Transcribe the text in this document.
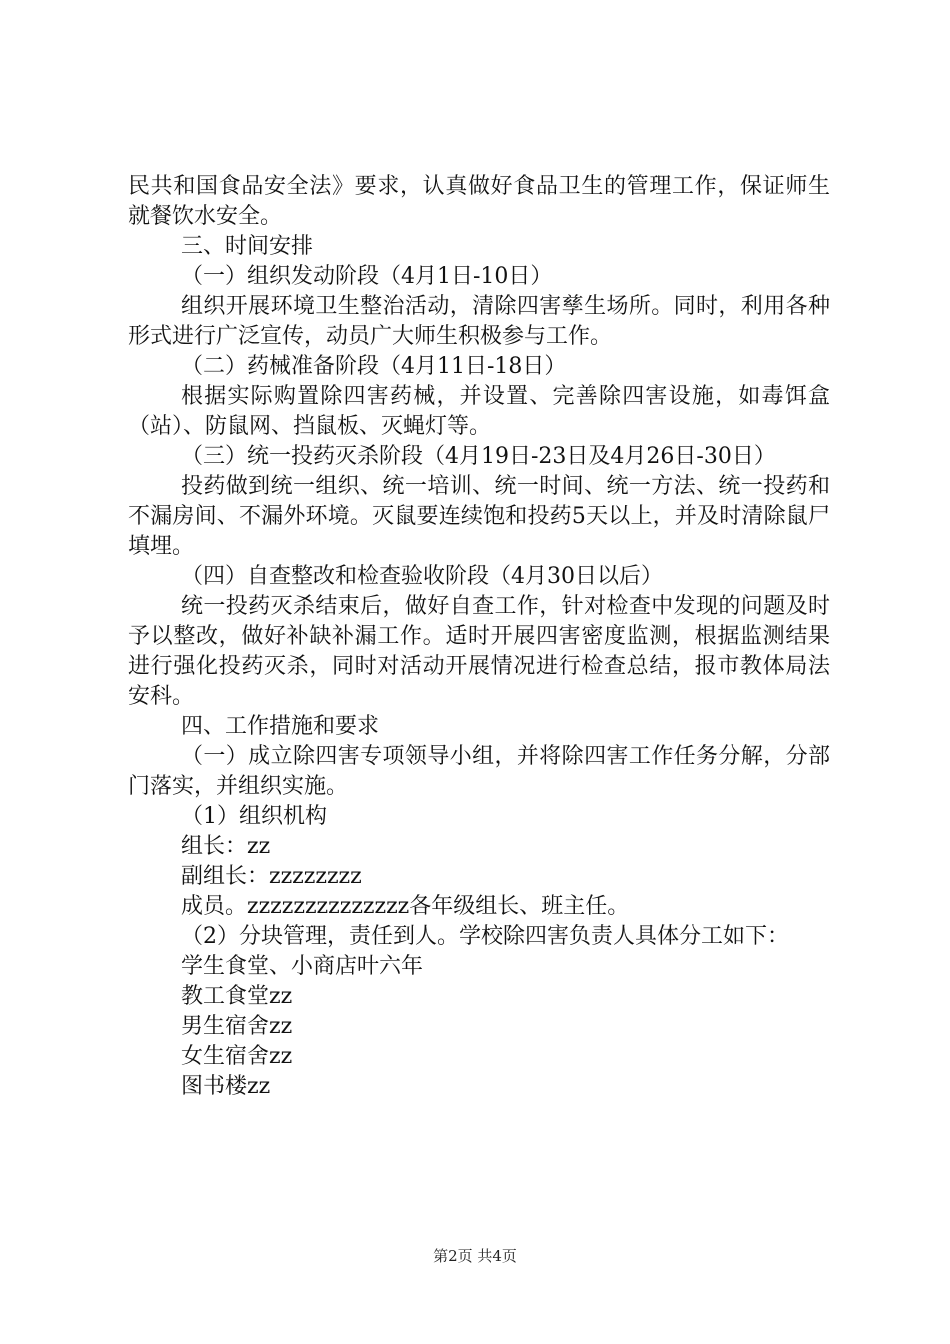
民共和国食品安全法》要求，认真做好食品卫生的管理工作，保证师生就餐饮水安全。

三、时间安排

（一）组织发动阶段（4月1日-10日）

组织开展环境卫生整治活动，清除四害孳生场所。同时，利用各种形式进行广泛宣传，动员广大师生积极参与工作。

（二）药械准备阶段（4月11日-18日）

根据实际购置除四害药械，并设置、完善除四害设施，如毒饵盒（站）、防鼠网、挡鼠板、灭蝇灯等。

（三）统一投药灭杀阶段（4月19日-23日及4月26日-30日）

投药做到统一组织、统一培训、统一时间、统一方法、统一投药和不漏房间、不漏外环境。灭鼠要连续饱和投药5天以上，并及时清除鼠尸填埋。

（四）自查整改和检查验收阶段（4月30日以后）

统一投药灭杀结束后，做好自查工作，针对检查中发现的问题及时予以整改，做好补缺补漏工作。适时开展四害密度监测，根据监测结果进行强化投药灭杀，同时对活动开展情况进行检查总结，报市教体局法安科。

四、工作措施和要求

（一）成立除四害专项领导小组，并将除四害工作任务分解，分部门落实，并组织实施。

（1）组织机构

组长：zz

副组长：zzzzzzzz

成员。zzzzzzzzzzzzzz各年级组长、班主任。

（2）分块管理，责任到人。学校除四害负责人具体分工如下：

学生食堂、小商店叶六年

教工食堂zz

男生宿舍zz

女生宿舍zz

图书楼zz

第2页 共4页
